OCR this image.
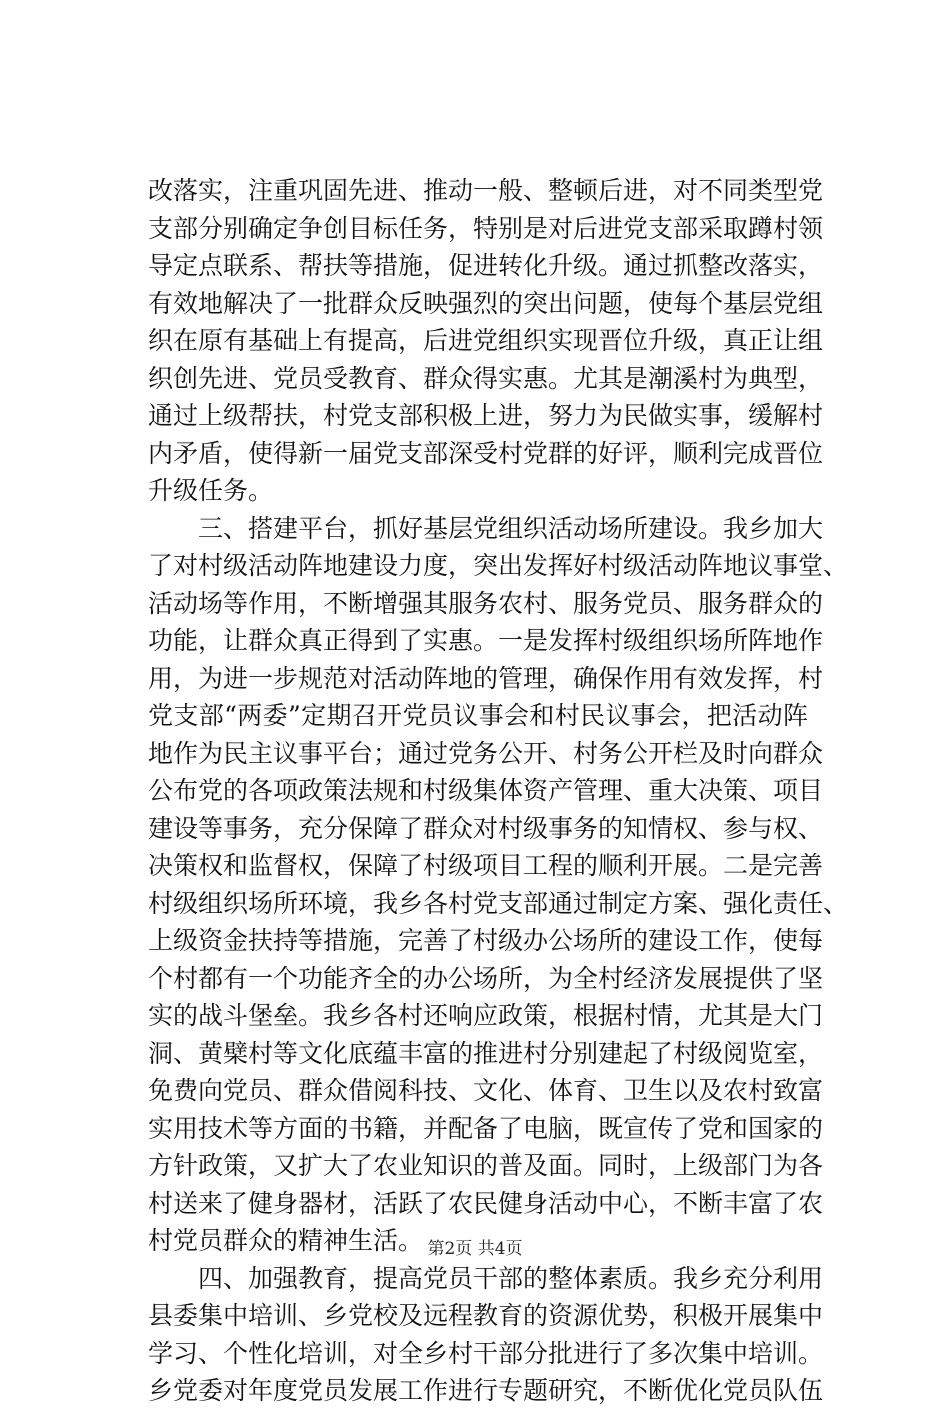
改落实，注重巩固先进、推动一般、整顿后进，对不同类型党
支部分别确定争创目标任务，特别是对后进党支部采取蹲村领
导定点联系、帮扶等措施，促进转化升级。通过抓整改落实，
有效地解决了一批群众反映强烈的突出问题，使每个基层党组
织在原有基础上有提高，后进党组织实现晋位升级，真正让组
织创先进、党员受教育、群众得实惠。尤其是潮溪村为典型，
通过上级帮扶，村党支部积极上进，努力为民做实事，缓解村
内矛盾，使得新一届党支部深受村党群的好评，顺利完成晋位
升级任务。
　　三、搭建平台，抓好基层党组织活动场所建设。我乡加大
了对村级活动阵地建设力度，突出发挥好村级活动阵地议事堂、
活动场等作用，不断增强其服务农村、服务党员、服务群众的
功能，让群众真正得到了实惠。一是发挥村级组织场所阵地作
用，为进一步规范对活动阵地的管理，确保作用有效发挥，村
党支部“两委”定期召开党员议事会和村民议事会，把活动阵
地作为民主议事平台；通过党务公开、村务公开栏及时向群众
公布党的各项政策法规和村级集体资产管理、重大决策、项目
建设等事务，充分保障了群众对村级事务的知情权、参与权、
决策权和监督权，保障了村级项目工程的顺利开展。二是完善
村级组织场所环境，我乡各村党支部通过制定方案、强化责任、
上级资金扶持等措施，完善了村级办公场所的建设工作，使每
个村都有一个功能齐全的办公场所，为全村经济发展提供了坚
实的战斗堡垒。我乡各村还响应政策，根据村情，尤其是大门
洞、黄檗村等文化底蕴丰富的推进村分别建起了村级阅览室，
免费向党员、群众借阅科技、文化、体育、卫生以及农村致富
实用技术等方面的书籍，并配备了电脑，既宣传了党和国家的
方针政策，又扩大了农业知识的普及面。同时，上级部门为各
村送来了健身器材，活跃了农民健身活动中心，不断丰富了农
村党员群众的精神生活。
　　四、加强教育，提高党员干部的整体素质。我乡充分利用
县委集中培训、乡党校及远程教育的资源优势，积极开展集中
学习、个性化培训，对全乡村干部分批进行了多次集中培训。
乡党委对年度党员发展工作进行专题研究，不断优化党员队伍
第2页 共4页
